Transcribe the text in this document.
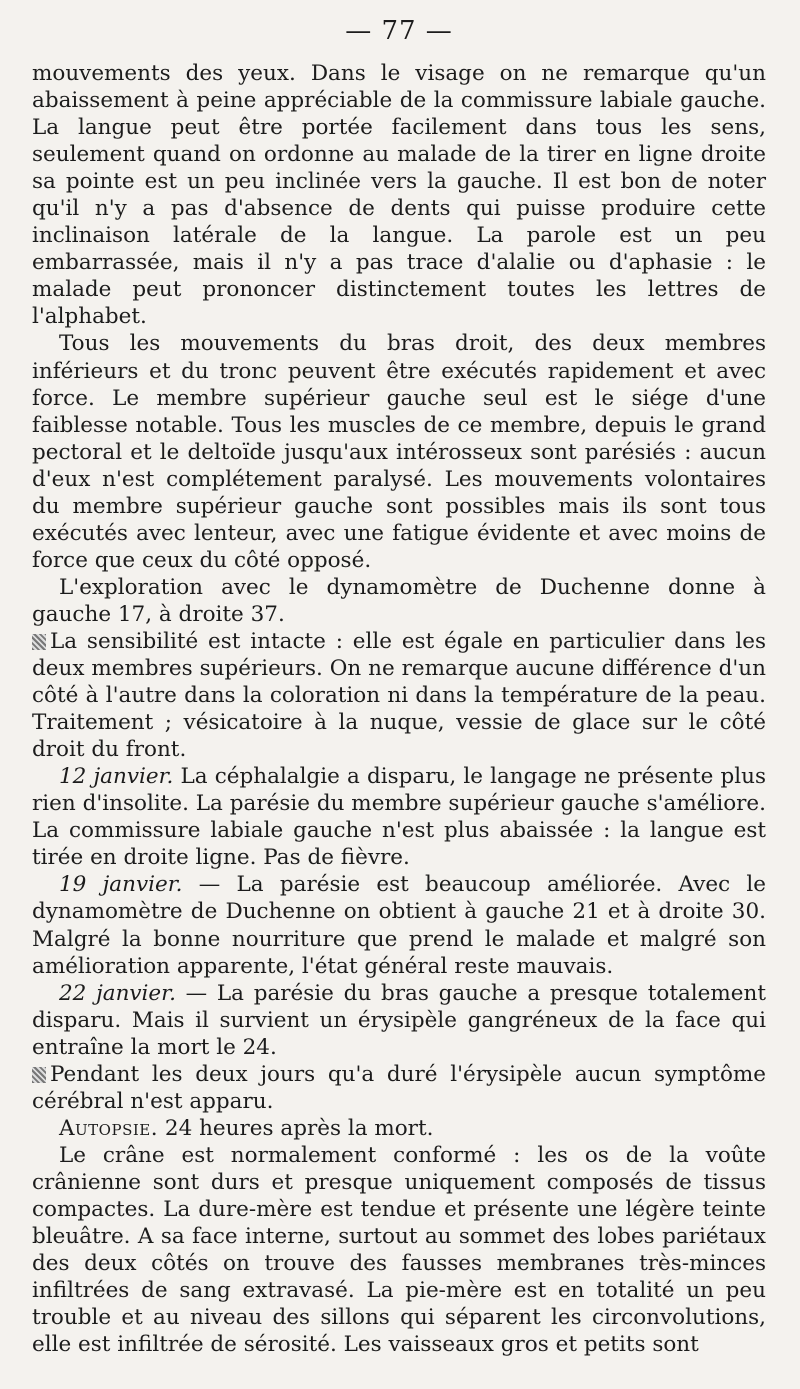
— 77 —

mouvements des yeux. Dans le visage on ne remarque qu'un abaissement à peine appréciable de la commissure labiale gauche. La langue peut être portée facilement dans tous les sens, seulement quand on ordonne au malade de la tirer en ligne droite sa pointe est un peu inclinée vers la gauche. Il est bon de noter qu'il n'y a pas d'absence de dents qui puisse produire cette inclinaison latérale de la langue. La parole est un peu embarrassée, mais il n'y a pas trace d'alalie ou d'aphasie : le malade peut prononcer distinctement toutes les lettres de l'alphabet.

Tous les mouvements du bras droit, des deux membres inférieurs et du tronc peuvent être exécutés rapidement et avec force. Le membre supérieur gauche seul est le siége d'une faiblesse notable. Tous les muscles de ce membre, depuis le grand pectoral et le deltoïde jusqu'aux intérosseux sont parésiés : aucun d'eux n'est complétement paralysé. Les mouvements volontaires du membre supérieur gauche sont possibles mais ils sont tous exécutés avec lenteur, avec une fatigue évidente et avec moins de force que ceux du côté opposé.

L'exploration avec le dynamomètre de Duchenne donne à gauche 17, à droite 37.

La sensibilité est intacte : elle est égale en particulier dans les deux membres supérieurs. On ne remarque aucune différence d'un côté à l'autre dans la coloration ni dans la température de la peau. Traitement ; vésicatoire à la nuque, vessie de glace sur le côté droit du front.

12 janvier. La céphalalgie a disparu, le langage ne présente plus rien d'insolite. La parésie du membre supérieur gauche s'améliore. La commissure labiale gauche n'est plus abaissée : la langue est tirée en droite ligne. Pas de fièvre.

19 janvier. — La parésie est beaucoup améliorée. Avec le dynamomètre de Duchenne on obtient à gauche 21 et à droite 30. Malgré la bonne nourriture que prend le malade et malgré son amélioration apparente, l'état général reste mauvais.

22 janvier. — La parésie du bras gauche a presque totalement disparu. Mais il survient un érysipèle gangréneux de la face qui entraîne la mort le 24.

Pendant les deux jours qu'a duré l'érysipèle aucun symptôme cérébral n'est apparu.

Autopsie. 24 heures après la mort.

Le crâne est normalement conformé : les os de la voûte crânienne sont durs et presque uniquement composés de tissus compactes. La dure-mère est tendue et présente une légère teinte bleuâtre. A sa face interne, surtout au sommet des lobes pariétaux des deux côtés on trouve des fausses membranes très-minces infiltrées de sang extravasé. La pie-mère est en totalité un peu trouble et au niveau des sillons qui séparent les circonvolutions, elle est infiltrée de sérosité. Les vaisseaux gros et petits sont
